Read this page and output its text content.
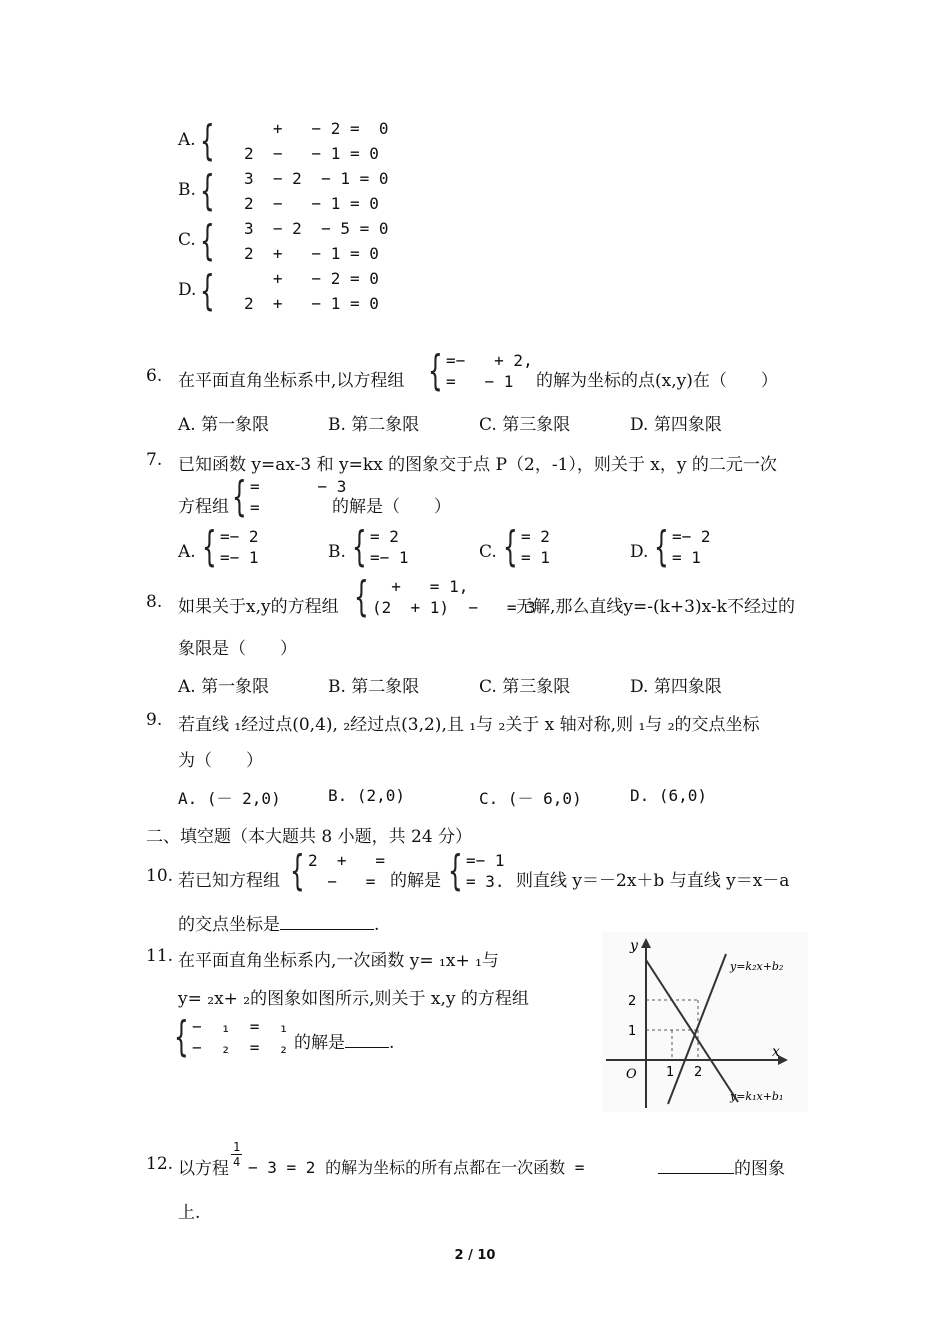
A. { +   − 2 =  0
2  −   − 1 = 0
B. { 3  − 2  − 1 = 0
2  −   − 1 = 0
C. { 3  − 2  − 5 = 0
2  +   − 1 = 0
D. { +   − 2 = 0
2  +   − 1 = 0
6. 在平面直角坐标系中,以方程组 { =−   + 2,
=   − 1	的解为坐标的点(x,y)在（　　）
A. 第一象限	B. 第二象限	C. 第三象限	D. 第四象限
7. 已知函数 y=ax-3 和 y=kx 的图象交于点 P（2，-1），则关于 x，y 的二元一次
方程组 { =      − 3
=	的解是（　　）
A. { =− 2
=− 1	B. { = 2
=− 1	C. { = 2
= 1	D. { =− 2
= 1
8. 如果关于x,y的方程组 { +   = 1,
(2  + 1)  −   = 3
无解,那么直线y=-(k+3)x-k不经过的
象限是（　　）
A. 第一象限	B. 第二象限	C. 第三象限	D. 第四象限
9. 若直线 ₁经过点(0,4), ₂经过点(3,2),且 ₁与 ₂关于 x 轴对称,则 ₁与 ₂的交点坐标
为（　　）
A. (－ 2,0)	B. (2,0)	C. (－ 6,0)	D. (6,0)
二、填空题（本大题共 8 小题，共 24 分）
10. 若已知方程组 { 2  +   =
−   =
的解是 { =− 1
= 3. 则直线 y＝－2x＋b 与直线 y＝x－a
的交点坐标是	.
11. 在平面直角坐标系内,一次函数 y= ₁x+ ₁与
y= ₂x+ ₂的图象如图所示,则关于 x,y 的方程组
{ −  ₁  =  ₁
−  ₂  =  ₂ 的解是	.
y
x
O 1 2
1
2
y=k₂x+b₂
y=k₁x+b₁
12. 以方程 $\frac{1}{4} - 3 = 2$ 的解为坐标的所有点都在一次函数 =	的图象
上.
2 / 10
